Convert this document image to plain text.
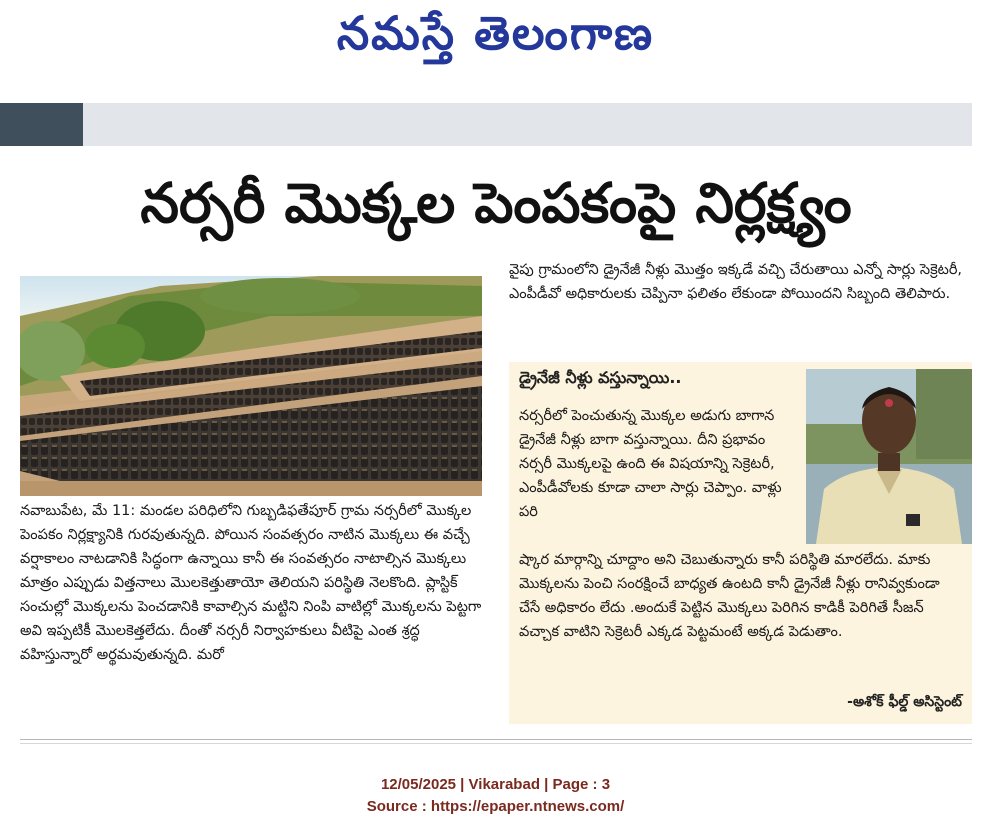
నమస్తే తెలంగాణ
నర్సరీ మొక్కల పెంపకంపై నిర్లక్ష్యం

నవాబుపేట, మే 11: మండల పరిధిలోని గుబ్బడిఫతేపూర్ గ్రామ నర్సరీలో మొక్కల పెంపకం నిర్లక్ష్యానికి గురవుతున్నది. పోయిన సంవత్సరం నాటిన మొక్కలు ఈ వచ్చే వర్షాకాలం నాటడానికి సిద్ధంగా ఉన్నాయి కానీ ఈ సంవత్సరం నాటాల్సిన మొక్కలు మాత్రం ఎప్పుడు విత్తనాలు మొలకెత్తుతాయో తెలియని పరిస్థితి నెలకొంది. ప్లాస్టిక్ సంచుల్లో మొక్కలను పెంచడానికి కావాల్సిన మట్టిని నింపి వాటిల్లో మొక్కలను పెట్టగా అవి ఇప్పటికీ మొలకెత్తలేదు. దీంతో నర్సరీ నిర్వాహకులు వీటిపై ఎంత శ్రద్ధ వహిస్తున్నారో అర్థమవుతున్నది. మరో

వైపు గ్రామంలోని డ్రైనేజీ నీళ్లు మొత్తం ఇక్కడే వచ్చి చేరుతాయి ఎన్నో సార్లు సెక్రెటరీ, ఎంపీడీవో అధికారులకు చెప్పినా ఫలితం లేకుండా పోయిందని సిబ్బంది తెలిపారు.

డ్రైనేజీ నీళ్లు వస్తున్నాయి..

నర్సరీలో పెంచుతున్న మొక్కల అడుగు బాగాన డ్రైనేజీ నీళ్లు బాగా వస్తున్నాయి. దీని ప్రభావం నర్సరీ మొక్కలపై ఉంది ఈ విషయాన్ని సెక్రెటరీ, ఎంపీడీవోలకు కూడా చాలా సార్లు చెప్పాం. వాళ్లు పరి

ష్కార మార్గాన్ని చూద్దాం అని చెబుతున్నారు కానీ పరిస్థితి మారలేదు. మాకు మొక్కలను పెంచి సంరక్షించే బాధ్యత ఉంటది కానీ డ్రైనేజీ నీళ్లు రానివ్వకుండా చేసే అధికారం లేదు .అందుకే పెట్టిన మొక్కలు పెరిగిన కాడికీ పెరిగితే సీజన్ వచ్చాక వాటిని సెక్రెటరీ ఎక్కడ పెట్టమంటే అక్కడ పెడుతాం.

-అశోక్ ఫీల్డ్ అసిస్టెంట్
12/05/2025 | Vikarabad | Page : 3
Source : https://epaper.ntnews.com/
